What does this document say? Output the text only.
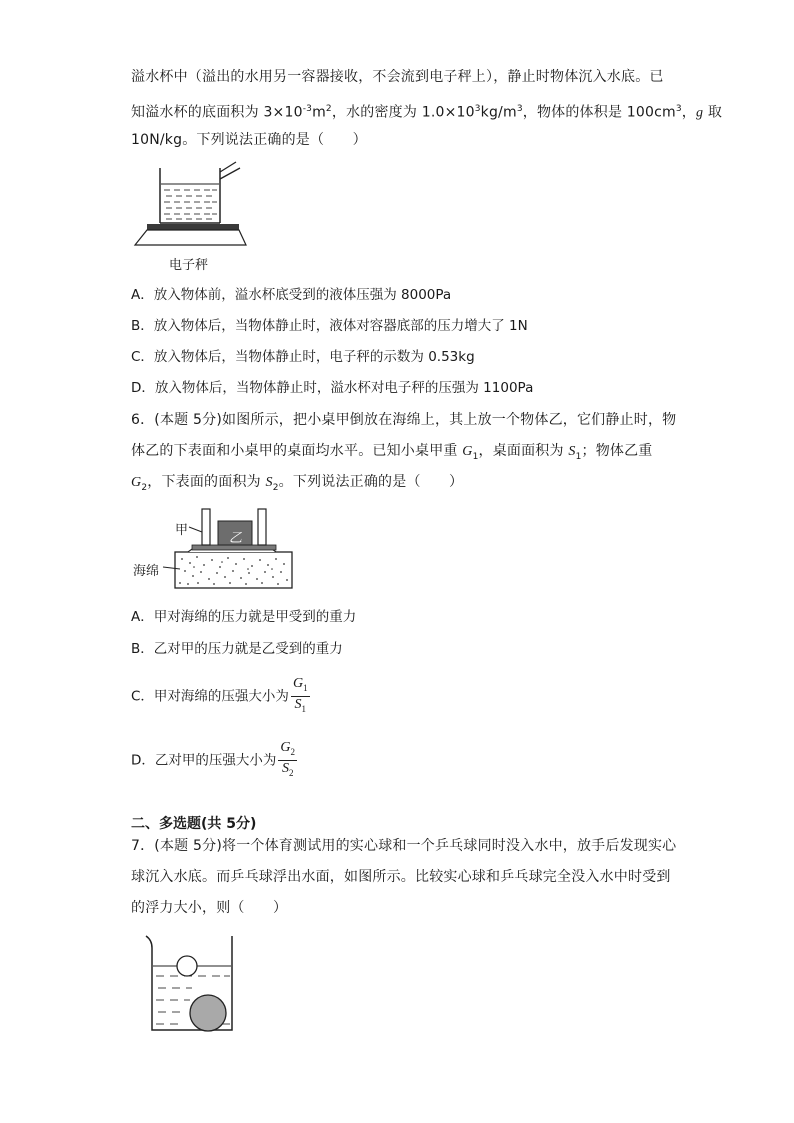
溢水杯中（溢出的水用另一容器接收，不会流到电子秤上），静止时物体沉入水底。已
知溢水杯的底面积为 $3\times 10^{-3}m^2$，水的密度为 $1.0\times 10^3kg/m^3$，物体的体积是 $100cm^3$，g 取
10N/kg。下列说法正确的是（　　）
电子秤
A．放入物体前，溢水杯底受到的液体压强为 8000Pa
B．放入物体后，当物体静止时，液体对容器底部的压力增大了 1N
C．放入物体后，当物体静止时，电子秤的示数为 0.53kg
D．放入物体后，当物体静止时，溢水杯对电子秤的压强为 1100Pa
6．(本题 5分)如图所示，把小桌甲倒放在海绵上，其上放一个物体乙，它们静止时，物
体乙的下表面和小桌甲的桌面均水平。已知小桌甲重 $G_1$，桌面面积为 $S_1$；物体乙重
$G_2$，下表面的面积为 $S_2$。下列说法正确的是（　　）
甲
乙
海绵
A．甲对海绵的压力就是甲受到的重力
B．乙对甲的压力就是乙受到的重力
C．甲对海绵的压强大小为 $\frac{G_1}{S_1}$
D．乙对甲的压强大小为 $\frac{G_2}{S_2}$
二、多选题(共 5分)
7．(本题 5分)将一个体育测试用的实心球和一个乒乓球同时没入水中，放手后发现实心
球沉入水底。而乒乓球浮出水面，如图所示。比较实心球和乒乓球完全没入水中时受到
的浮力大小，则（　　）
